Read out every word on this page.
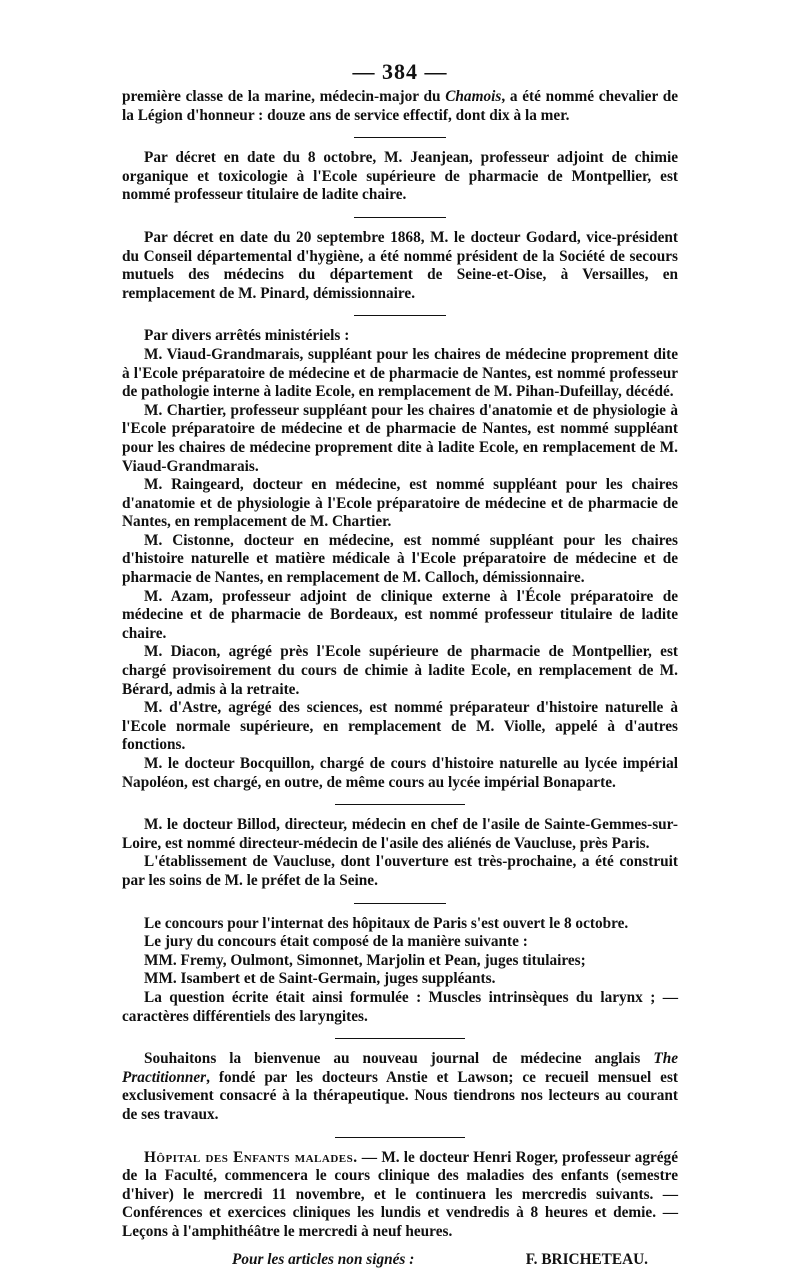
— 384 —

première classe de la marine, médecin-major du Chamois, a été nommé chevalier de la Légion d'honneur : douze ans de service effectif, dont dix à la mer.

Par décret en date du 8 octobre, M. Jeanjean, professeur adjoint de chimie organique et toxicologie à l'Ecole supérieure de pharmacie de Montpellier, est nommé professeur titulaire de ladite chaire.

Par décret en date du 20 septembre 1868, M. le docteur Godard, vice-président du Conseil départemental d'hygiène, a été nommé président de la Société de secours mutuels des médecins du département de Seine-et-Oise, à Versailles, en remplacement de M. Pinard, démissionnaire.

Par divers arrêtés ministériels :

M. Viaud-Grandmarais, suppléant pour les chaires de médecine proprement dite à l'Ecole préparatoire de médecine et de pharmacie de Nantes, est nommé professeur de pathologie interne à ladite Ecole, en remplacement de M. Pihan-Dufeillay, décédé.

M. Chartier, professeur suppléant pour les chaires d'anatomie et de physiologie à l'Ecole préparatoire de médecine et de pharmacie de Nantes, est nommé suppléant pour les chaires de médecine proprement dite à ladite Ecole, en remplacement de M. Viaud-Grandmarais.

M. Raingeard, docteur en médecine, est nommé suppléant pour les chaires d'anatomie et de physiologie à l'Ecole préparatoire de médecine et de pharmacie de Nantes, en remplacement de M. Chartier.

M. Cistonne, docteur en médecine, est nommé suppléant pour les chaires d'histoire naturelle et matière médicale à l'Ecole préparatoire de médecine et de pharmacie de Nantes, en remplacement de M. Calloch, démissionnaire.

M. Azam, professeur adjoint de clinique externe à l'École préparatoire de médecine et de pharmacie de Bordeaux, est nommé professeur titulaire de ladite chaire.

M. Diacon, agrégé près l'Ecole supérieure de pharmacie de Montpellier, est chargé provisoirement du cours de chimie à ladite Ecole, en remplacement de M. Bérard, admis à la retraite.

M. d'Astre, agrégé des sciences, est nommé préparateur d'histoire naturelle à l'Ecole normale supérieure, en remplacement de M. Violle, appelé à d'autres fonctions.

M. le docteur Bocquillon, chargé de cours d'histoire naturelle au lycée impérial Napoléon, est chargé, en outre, de même cours au lycée impérial Bonaparte.

M. le docteur Billod, directeur, médecin en chef de l'asile de Sainte-Gemmes-sur-Loire, est nommé directeur-médecin de l'asile des aliénés de Vaucluse, près Paris.

L'établissement de Vaucluse, dont l'ouverture est très-prochaine, a été construit par les soins de M. le préfet de la Seine.

Le concours pour l'internat des hôpitaux de Paris s'est ouvert le 8 octobre.

Le jury du concours était composé de la manière suivante :

MM. Fremy, Oulmont, Simonnet, Marjolin et Pean, juges titulaires;

MM. Isambert et de Saint-Germain, juges suppléants.

La question écrite était ainsi formulée : Muscles intrinsèques du larynx ; — caractères différentiels des laryngites.

Souhaitons la bienvenue au nouveau journal de médecine anglais The Practitionner, fondé par les docteurs Anstie et Lawson; ce recueil mensuel est exclusivement consacré à la thérapeutique. Nous tiendrons nos lecteurs au courant de ses travaux.

Hôpital des Enfants malades. — M. le docteur Henri Roger, professeur agrégé de la Faculté, commencera le cours clinique des maladies des enfants (semestre d'hiver) le mercredi 11 novembre, et le continuera les mercredis suivants. — Conférences et exercices cliniques les lundis et vendredis à 8 heures et demie. — Leçons à l'amphithéâtre le mercredi à neuf heures.

Pour les articles non signés :	F. BRICHETEAU.
